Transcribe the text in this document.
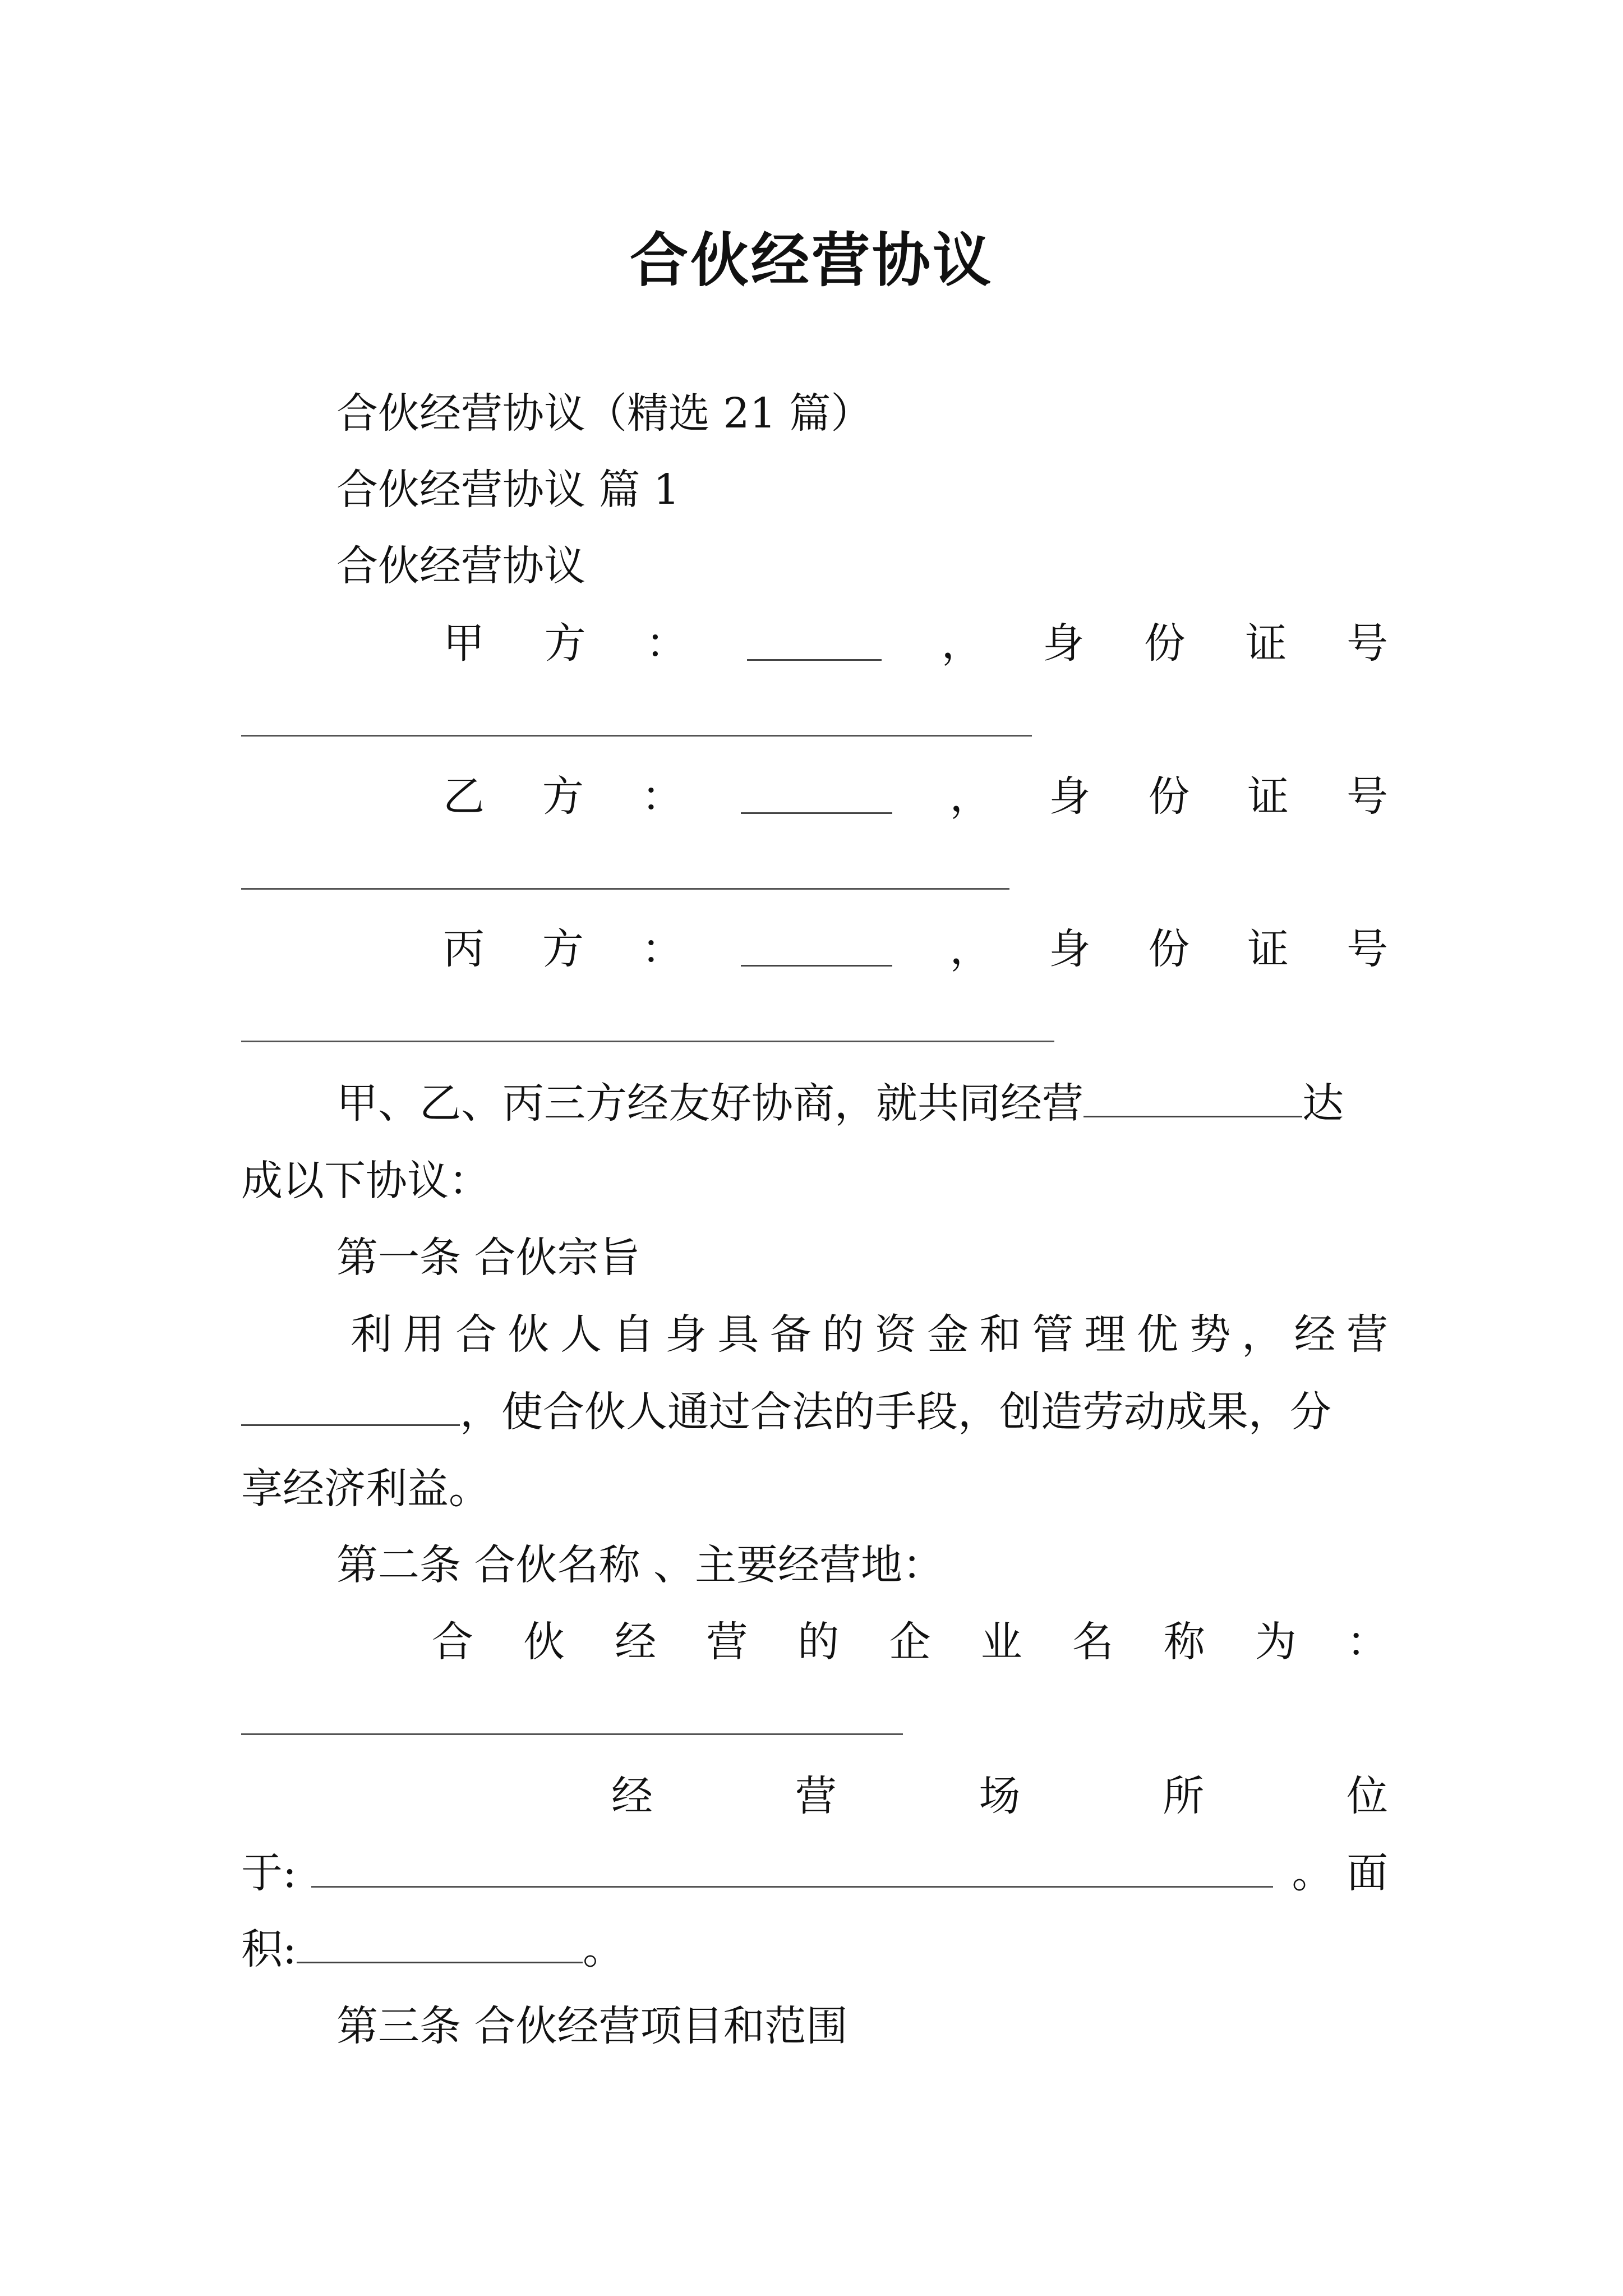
合伙经营协议
合伙经营协议（精选 21 篇）
合伙经营协议 篇 1
合伙经营协议
甲 方 ：	， 身 份 证 号
乙 方 ：	， 身 份 证 号
丙 方 ：	， 身 份 证 号
甲、乙、丙三方经友好协商，就共同经营	达
成以下协议：
第一条 合伙宗旨
利 用 合 伙 人 自 身 具 备 的 资 金 和 管 理 优 势 ， 经 营
，使合伙人通过合法的手段，创造劳动成果，分
享经济利益。
第二条 合伙名称 、主要经营地：
合 伙 经 营 的 企 业 名 称 为 ：
经	营	场	所	位
于:	。 面
积:	。
第三条 合伙经营项目和范围
